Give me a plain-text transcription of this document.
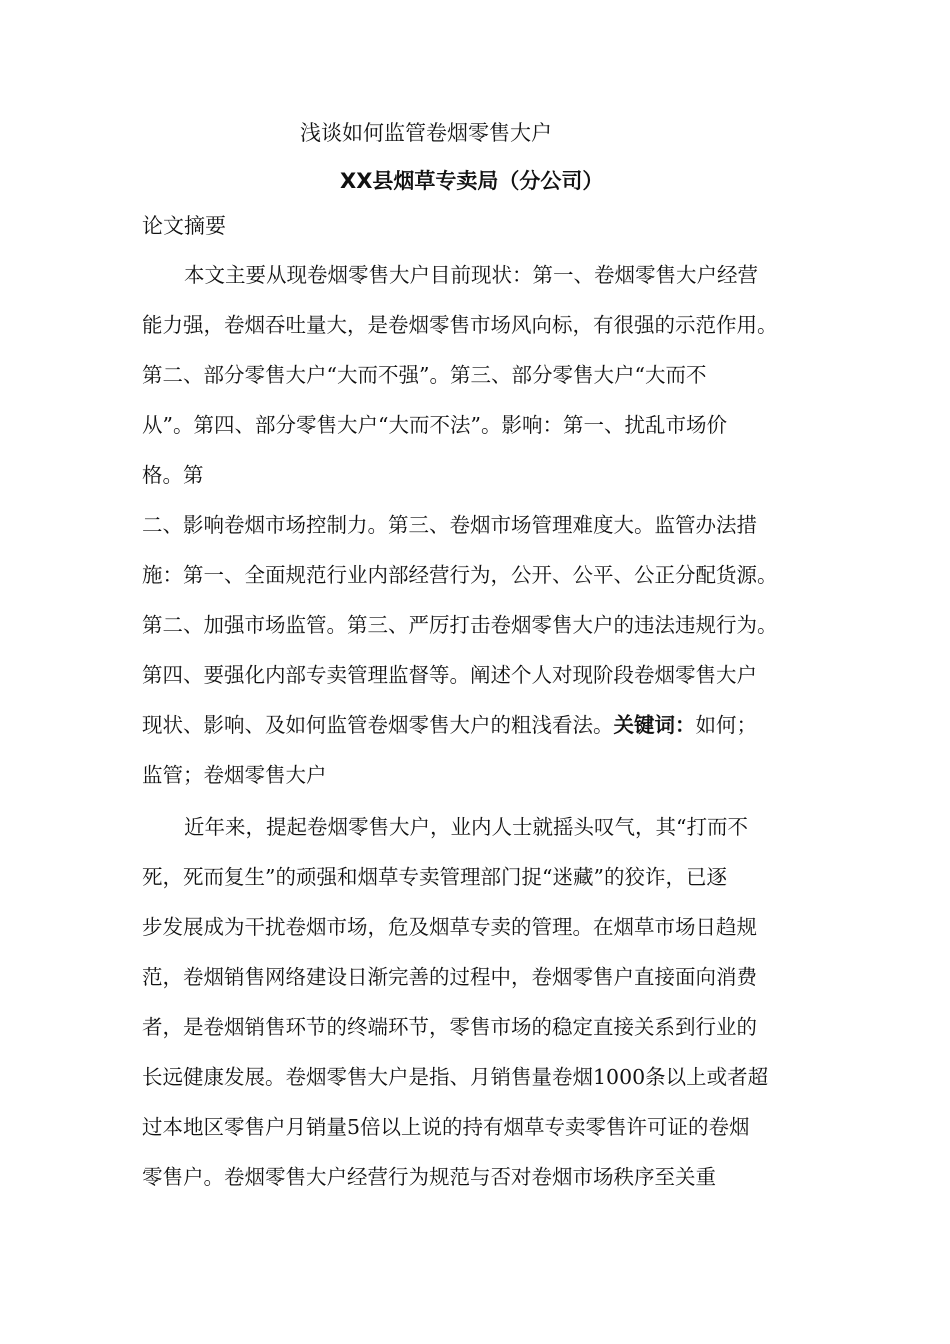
浅谈如何监管卷烟零售大户
XX县烟草专卖局（分公司）
论文摘要
本文主要从现卷烟零售大户目前现状：第一、卷烟零售大户经营
能力强，卷烟吞吐量大，是卷烟零售市场风向标，有很强的示范作用。
第二、部分零售大户“大而不强”。第三、部分零售大户“大而不
从”。第四、部分零售大户“大而不法”。影响：第一、扰乱市场价
格。第
二、影响卷烟市场控制力。第三、卷烟市场管理难度大。监管办法措
施：第一、全面规范行业内部经营行为，公开、公平、公正分配货源。
第二、加强市场监管。第三、严厉打击卷烟零售大户的违法违规行为。
第四、要强化内部专卖管理监督等。阐述个人对现阶段卷烟零售大户
现状、影响、及如何监管卷烟零售大户的粗浅看法。关键词：如何；
监管；卷烟零售大户
近年来，提起卷烟零售大户，业内人士就摇头叹气，其“打而不
死，死而复生”的顽强和烟草专卖管理部门捉“迷藏”的狡诈，已逐
步发展成为干扰卷烟市场，危及烟草专卖的管理。在烟草市场日趋规
范，卷烟销售网络建设日渐完善的过程中，卷烟零售户直接面向消费
者，是卷烟销售环节的终端环节，零售市场的稳定直接关系到行业的
长远健康发展。卷烟零售大户是指、月销售量卷烟1000条以上或者超
过本地区零售户月销量5倍以上说的持有烟草专卖零售许可证的卷烟
零售户。卷烟零售大户经营行为规范与否对卷烟市场秩序至关重
